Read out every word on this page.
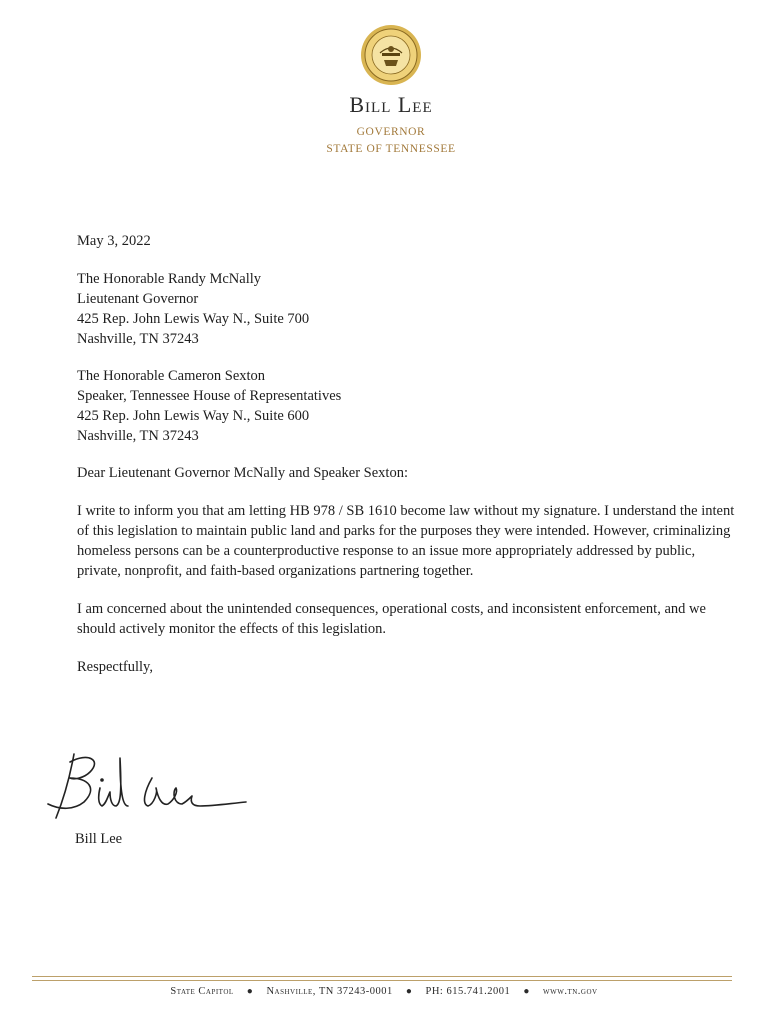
Bill Lee
GOVERNOR
STATE OF TENNESSEE

May 3, 2022

The Honorable Randy McNally

Lieutenant Governor

425 Rep. John Lewis Way N., Suite 700

Nashville, TN 37243

The Honorable Cameron Sexton

Speaker, Tennessee House of Representatives

425 Rep. John Lewis Way N., Suite 600

Nashville, TN 37243

Dear Lieutenant Governor McNally and Speaker Sexton:

I write to inform you that am letting HB 978 / SB 1610 become law without my signature. I understand the intent of this legislation to maintain public land and parks for the purposes they were intended. However, criminalizing homeless persons can be a counterproductive response to an issue more appropriately addressed by public, private, nonprofit, and faith-based organizations partnering together.

I am concerned about the unintended consequences, operational costs, and inconsistent enforcement, and we should actively monitor the effects of this legislation.

Respectfully,

Bill Lee
State Capitol ● Nashville, TN 37243-0001 ● PH: 615.741.2001 ● www.tn.gov
